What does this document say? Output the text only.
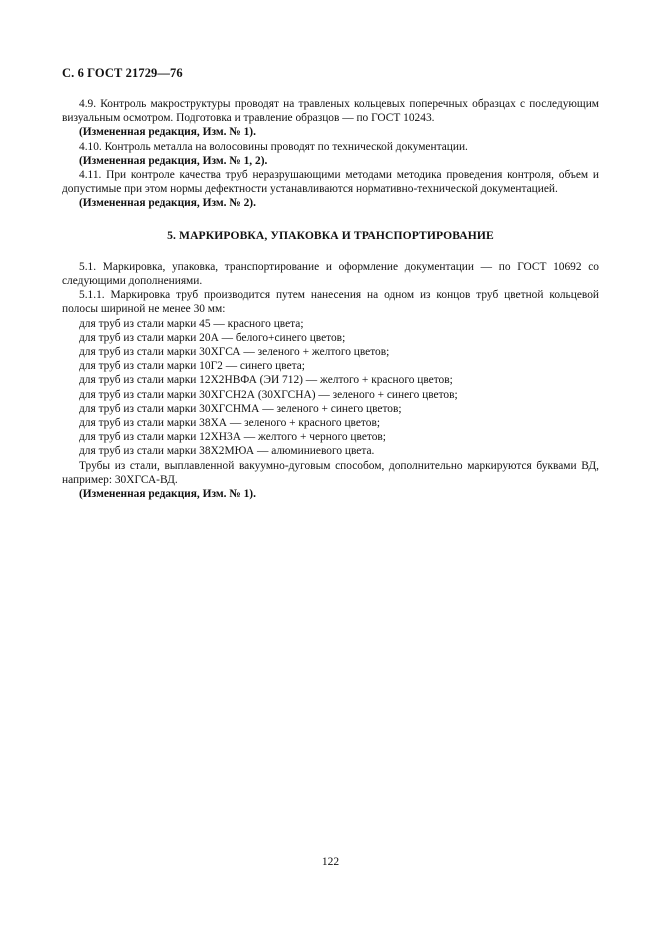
С. 6 ГОСТ 21729—76

4.9. Контроль макроструктуры проводят на травленых кольцевых поперечных образцах с последующим визуальным осмотром. Подготовка и травление образцов — по ГОСТ 10243.

(Измененная редакция, Изм. № 1).

4.10. Контроль металла на волосовины проводят по технической документации.

(Измененная редакция, Изм. № 1, 2).

4.11. При контроле качества труб неразрушающими методами методика проведения контроля, объем и допустимые при этом нормы дефектности устанавливаются нормативно-технической документацией.

(Измененная редакция, Изм. № 2).

5. МАРКИРОВКА, УПАКОВКА И ТРАНСПОРТИРОВАНИЕ

5.1. Маркировка, упаковка, транспортирование и оформление документации — по ГОСТ 10692 со следующими дополнениями.

5.1.1. Маркировка труб производится путем нанесения на одном из концов труб цветной кольцевой полосы шириной не менее 30 мм:

для труб из стали марки 45 — красного цвета;

для труб из стали марки 20А — белого+синего цветов;

для труб из стали марки 30ХГСА — зеленого + желтого цветов;

для труб из стали марки 10Г2 — синего цвета;

для труб из стали марки 12Х2НВФА (ЭИ 712) — желтого + красного цветов;

для труб из стали марки 30ХГСН2А (30ХГСНА) — зеленого + синего цветов;

для труб из стали марки 30ХГСНМА — зеленого + синего цветов;

для труб из стали марки 38ХА — зеленого + красного цветов;

для труб из стали марки 12ХН3А — желтого + черного цветов;

для труб из стали марки 38Х2МЮА — алюминиевого цвета.

Трубы из стали, выплавленной вакуумно-дуговым способом, дополнительно маркируются буквами ВД, например: 30ХГСА-ВД.

(Измененная редакция, Изм. № 1).

122
